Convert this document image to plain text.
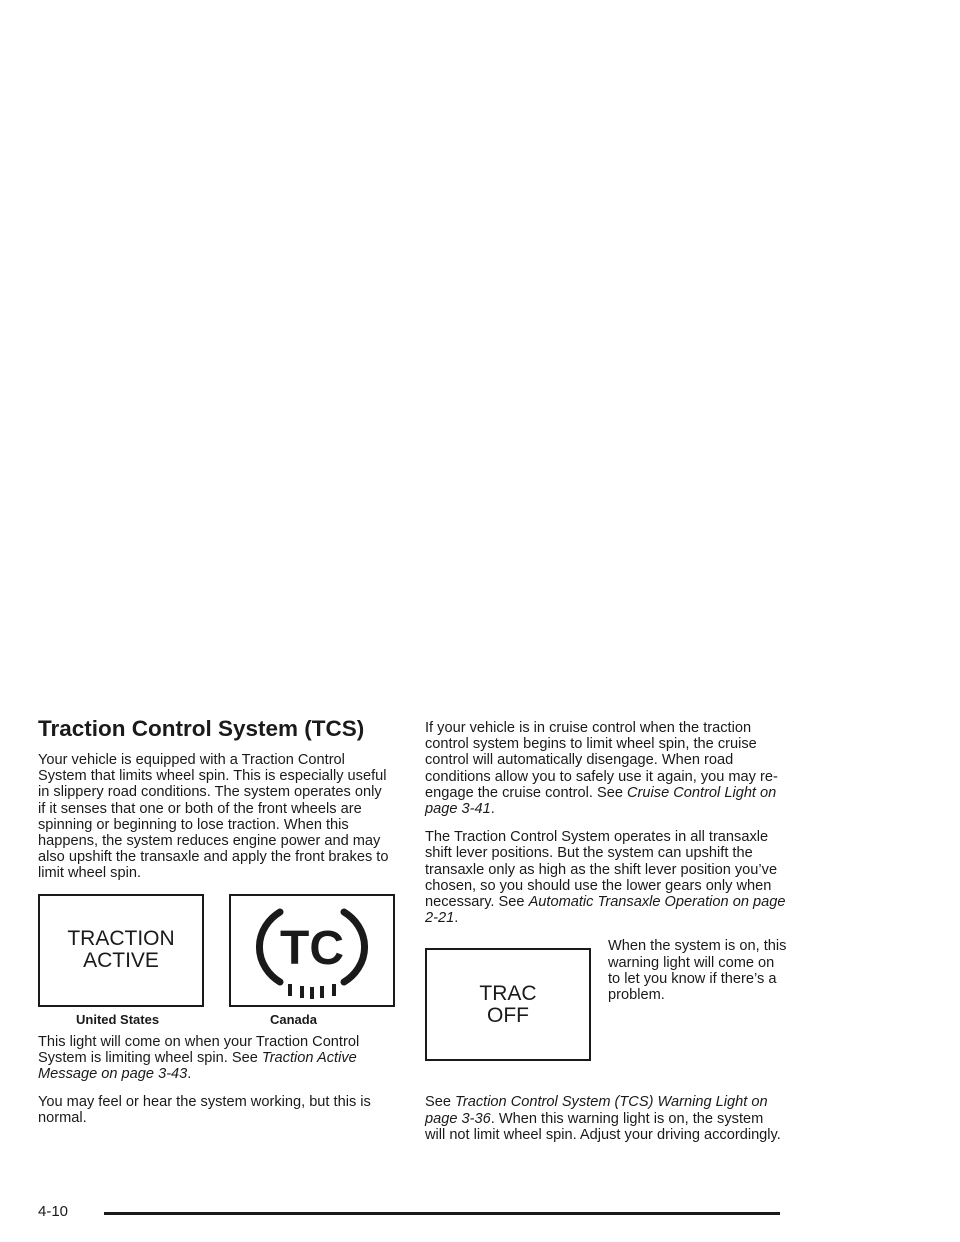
Traction Control System (TCS)

Your vehicle is equipped with a Traction Control System that limits wheel spin. This is especially useful in slippery road conditions. The system operates only if it senses that one or both of the front wheels are spinning or beginning to lose traction. When this happens, the system reduces engine power and may also upshift the transaxle and apply the front brakes to limit wheel spin.

TRACTION
ACTIVE	TC
United States	Canada

This light will come on when your Traction Control System is limiting wheel spin. See Traction Active Message on page 3-43.

You may feel or hear the system working, but this is normal.

If your vehicle is in cruise control when the traction control system begins to limit wheel spin, the cruise control will automatically disengage. When road conditions allow you to safely use it again, you may re-engage the cruise control. See Cruise Control Light on page 3-41.

The Traction Control System operates in all transaxle shift lever positions. But the system can upshift the transaxle only as high as the shift lever position you’ve chosen, so you should use the lower gears only when necessary. See Automatic Transaxle Operation on page 2-21.

TRAC
OFF
When the system is on, this warning light will come on to let you know if there’s a problem.

See Traction Control System (TCS) Warning Light on page 3-36. When this warning light is on, the system will not limit wheel spin. Adjust your driving accordingly.

4-10
